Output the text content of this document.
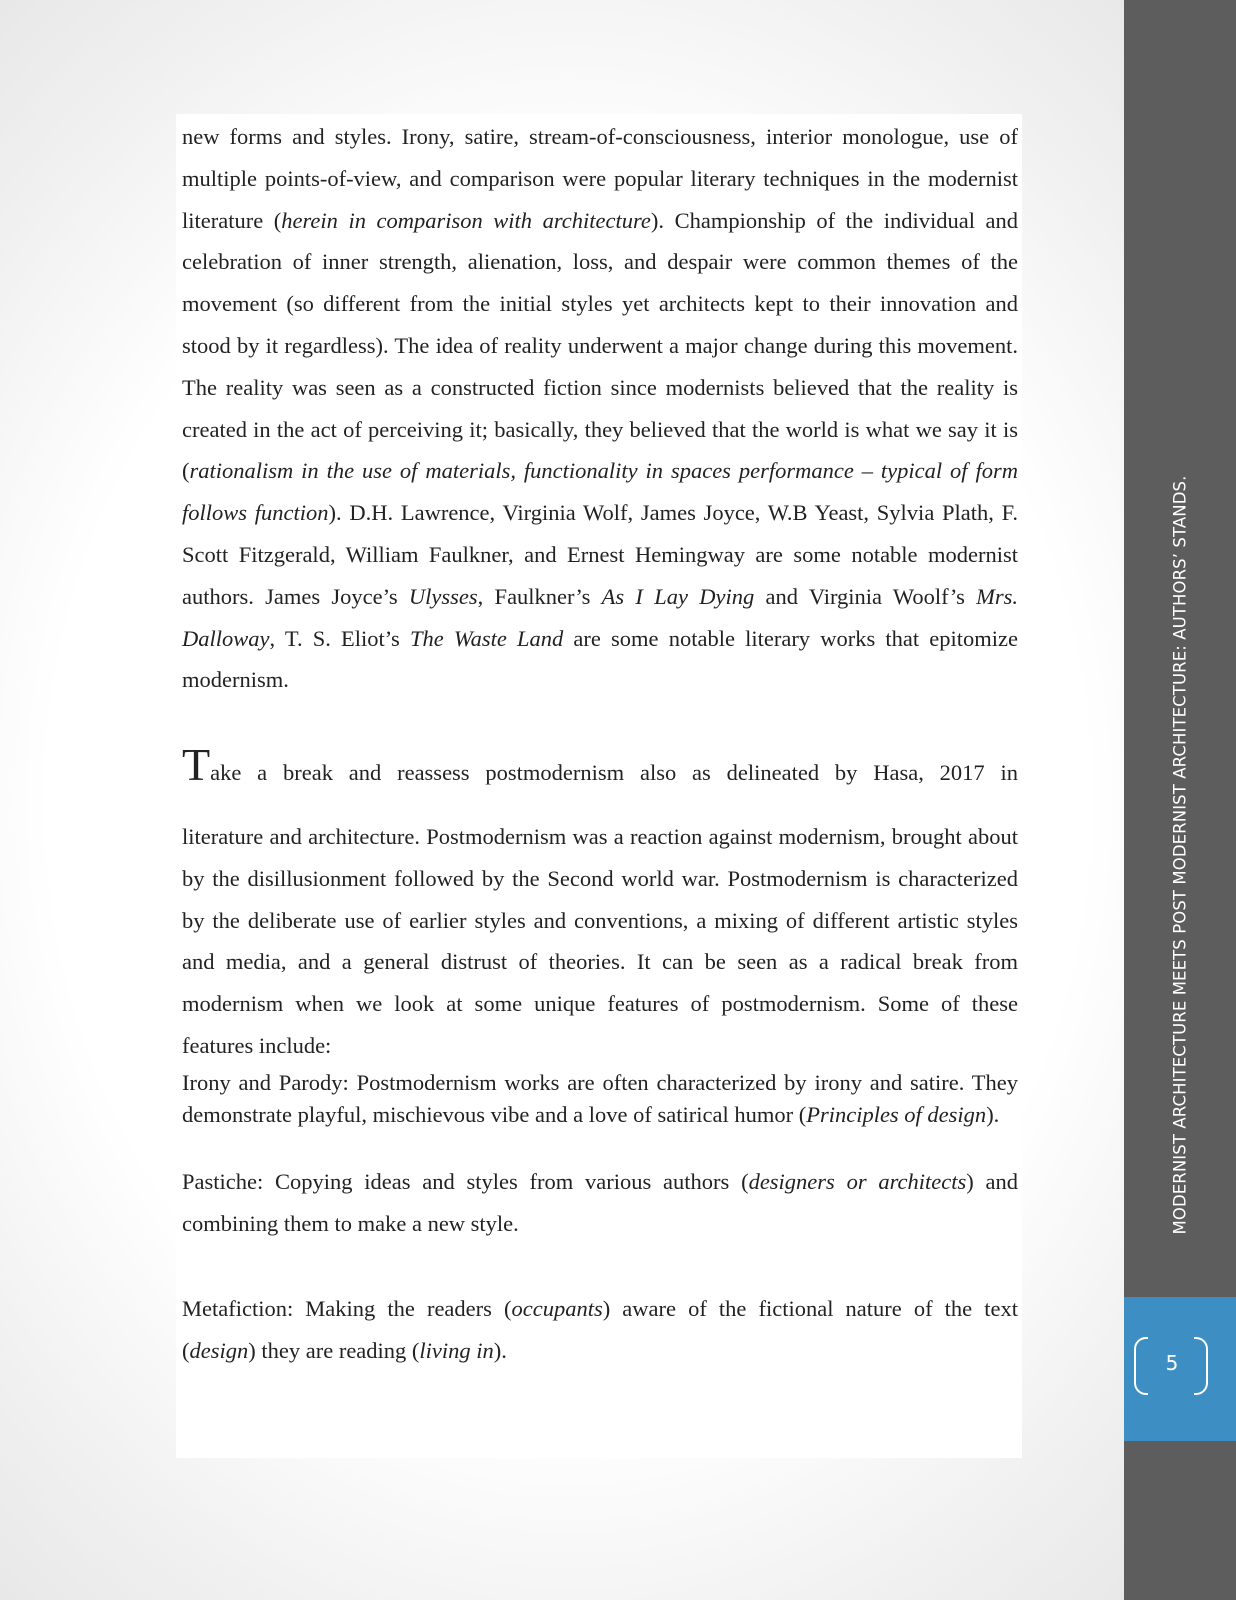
new forms and styles. Irony, satire, stream-of-consciousness, interior monologue, use of multiple points-of-view, and comparison were popular literary techniques in the modernist literature (herein in comparison with architecture). Championship of the individual and celebration of inner strength, alienation, loss, and despair were common themes of the movement (so different from the initial styles yet architects kept to their innovation and stood by it regardless). The idea of reality underwent a major change during this movement. The reality was seen as a constructed fiction since modernists believed that the reality is created in the act of perceiving it; basically, they believed that the world is what we say it is (rationalism in the use of materials, functionality in spaces performance – typical of form follows function). D.H. Lawrence, Virginia Wolf, James Joyce, W.B Yeast, Sylvia Plath, F. Scott Fitzgerald, William Faulkner, and Ernest Hemingway are some notable modernist authors. James Joyce’s Ulysses, Faulkner’s As I Lay Dying and Virginia Woolf’s Mrs. Dalloway, T. S. Eliot’s The Waste Land are some notable literary works that epitomize modernism.

Take a break and reassess postmodernism also as delineated by Hasa, 2017 in

literature and architecture. Postmodernism was a reaction against modernism, brought about by the disillusionment followed by the Second world war. Postmodernism is characterized by the deliberate use of earlier styles and conventions, a mixing of different artistic styles and media, and a general distrust of theories. It can be seen as a radical break from modernism when we look at some unique features of postmodernism. Some of these features include:

Irony and Parody: Postmodernism works are often characterized by irony and satire. They demonstrate playful, mischievous vibe and a love of satirical humor (Principles of design).

Pastiche: Copying ideas and styles from various authors (designers or architects) and combining them to make a new style.

Metafiction: Making the readers (occupants) aware of the fictional nature of the text (design) they are reading (living in).

MODERNIST ARCHITECTURE MEETS POST MODERNIST ARCHITECTURE: AUTHORS’ STANDS.
5
